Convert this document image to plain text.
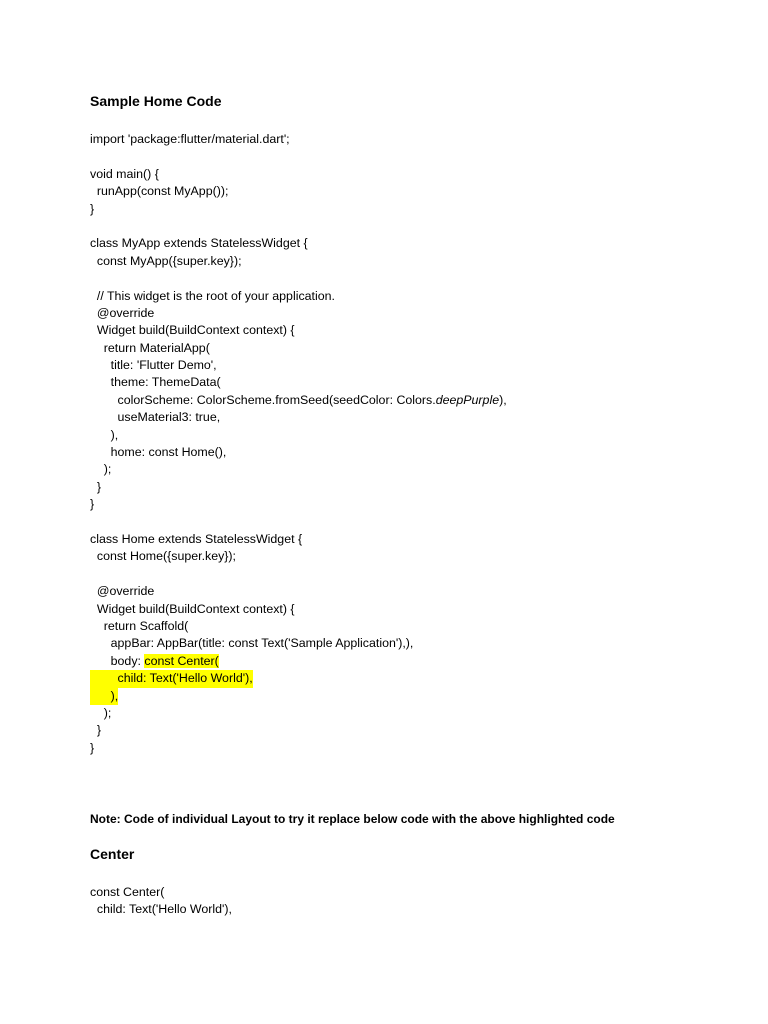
Sample Home Code
import 'package:flutter/material.dart';
void main() {
runApp(const MyApp());
}
class MyApp extends StatelessWidget {
const MyApp({super.key});
// This widget is the root of your application.
@override
Widget build(BuildContext context) {
return MaterialApp(
title: 'Flutter Demo',
theme: ThemeData(
colorScheme: ColorScheme.fromSeed(seedColor: Colors.deepPurple),
useMaterial3: true,
),
home: const Home(),
);
}
}
class Home extends StatelessWidget {
const Home({super.key});
@override
Widget build(BuildContext context) {
return Scaffold(
appBar: AppBar(title: const Text('Sample Application'),),
body: const Center(
child: Text('Hello World'),
),
);
}
}
Note: Code of individual Layout to try it replace below code with the above highlighted code
Center
const Center(
child: Text('Hello World'),
